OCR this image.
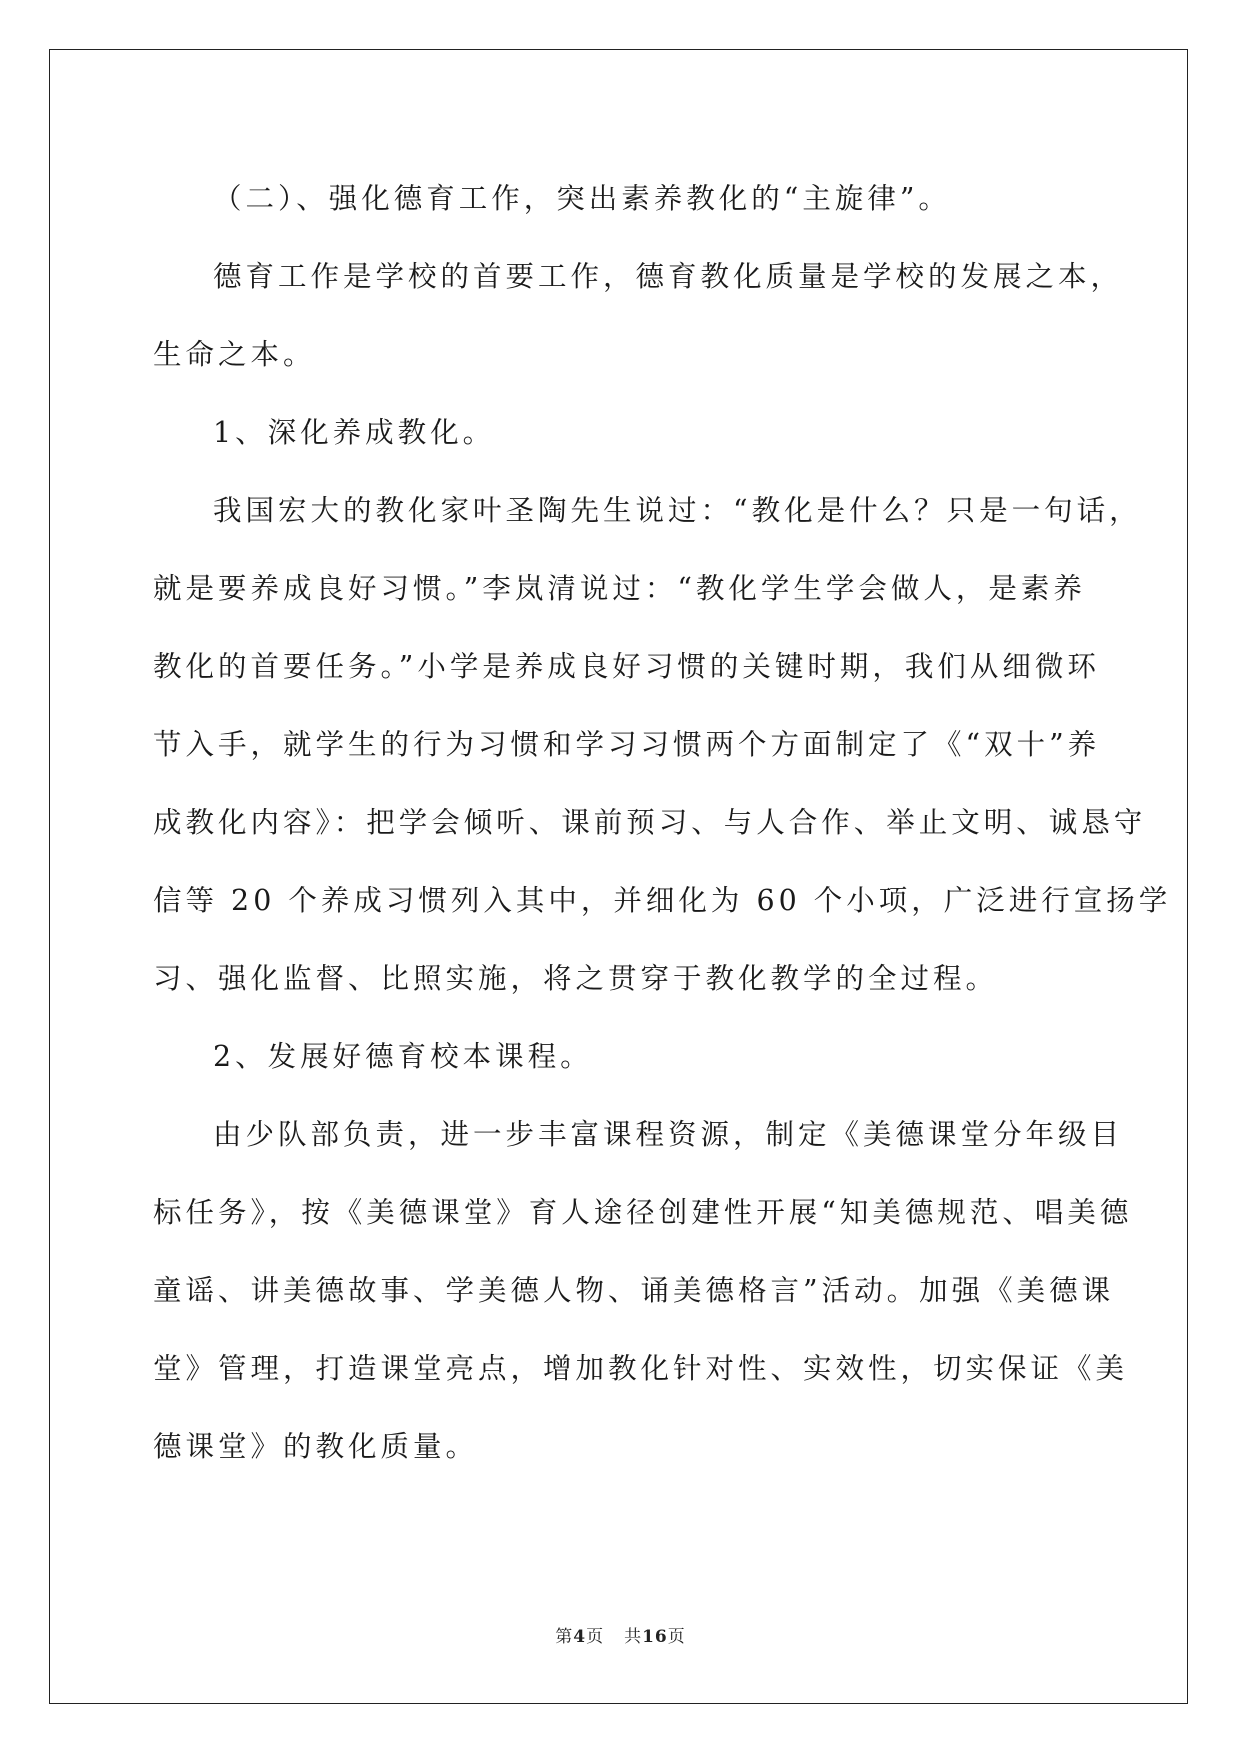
（二）、强化德育工作，突出素养教化的“主旋律”。
德育工作是学校的首要工作，德育教化质量是学校的发展之本，
生命之本。
1、深化养成教化。
我国宏大的教化家叶圣陶先生说过：“教化是什么？只是一句话，
就是要养成良好习惯。”李岚清说过：“教化学生学会做人，是素养
教化的首要任务。”小学是养成良好习惯的关键时期，我们从细微环
节入手，就学生的行为习惯和学习习惯两个方面制定了《“双十”养
成教化内容》：把学会倾听、课前预习、与人合作、举止文明、诚恳守
信等 20 个养成习惯列入其中，并细化为 60 个小项，广泛进行宣扬学
习、强化监督、比照实施，将之贯穿于教化教学的全过程。
2、发展好德育校本课程。
由少队部负责，进一步丰富课程资源，制定《美德课堂分年级目
标任务》，按《美德课堂》育人途径创建性开展“知美德规范、唱美德
童谣、讲美德故事、学美德人物、诵美德格言”活动。加强《美德课
堂》管理，打造课堂亮点，增加教化针对性、实效性，切实保证《美
德课堂》的教化质量。
第4页 共16页
